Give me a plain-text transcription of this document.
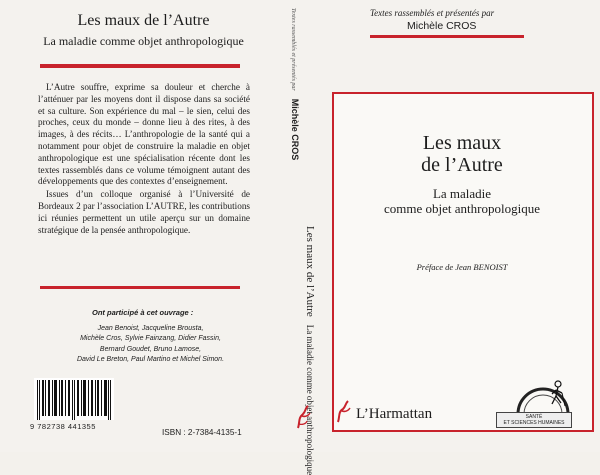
Les maux de l’Autre
La maladie comme objet anthropologique

L’Autre souffre, exprime sa douleur et cherche à l’atténuer par les moyens dont il dispose dans sa société et sa culture. Son expérience du mal – le sien, celui des proches, ceux du monde – donne lieu à des rites, à des images, à des récits… L’anthropologie de la santé qui a notamment pour objet de construire la maladie en objet anthropologique est une spécialisation récente dont les textes rassemblés dans ce volume témoignent autant des développements que des contextes d’enseignement.

Issues d’un colloque organisé à l’Université de Bordeaux 2 par l’association L’AUTRE, les contributions ici réunies permettent un utile aperçu sur un domaine stratégique de la pensée anthropologique.

Ont participé à cet ouvrage :
Jean Benoist, Jacqueline Brousta,
Michèle Cros, Sylvie Fainzang, Didier Fassin,
Bernard Goudet, Bruno Lamose,
David Le Breton, Paul Martino et Michel Simon.
9 782738 441355
ISBN : 2-7384-4135-1
Textes rassemblés et présentés par Michèle CROS
Les maux de l’Autre La maladie comme objet anthropologique
Textes rassemblés et présentés par
Michèle CROS
Les maux
de l’Autre
La maladie
comme objet anthropologique
Préface de Jean BENOIST
L’Harmattan	SANTÉ
ET SCIENCES HUMAINES
